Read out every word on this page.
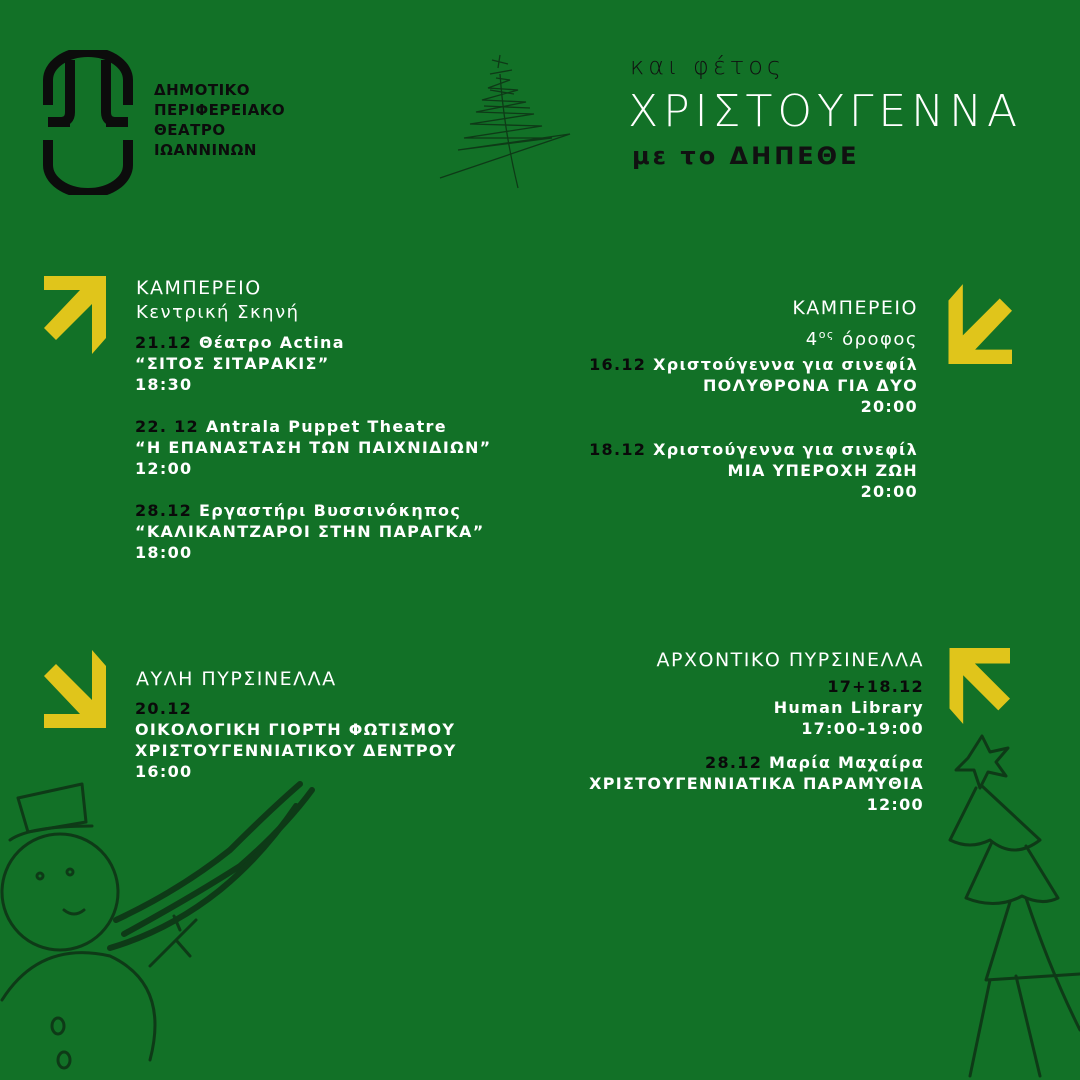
ΔΗΜΟΤΙΚΟ
ΠΕΡΙΦΕΡΕΙΑΚΟ
ΘΕΑΤΡΟ
ΙΩΑΝΝΙΝΩΝ
και φέτος
ΧΡΙΣΤΟΥΓΕΝΝΑ
με το ΔΗΠΕΘΕ
ΚΑΜΠΕΡΕΙΟ
Κεντρική Σκηνή
21.12 Θέατρο Actina
“ΣΙΤΟΣ ΣΙΤΑΡΑΚΙΣ”
18:30
22. 12 Antrala Puppet Theatre
“Η ΕΠΑΝΑΣΤΑΣΗ ΤΩΝ ΠΑΙΧΝΙΔΙΩΝ”
12:00
28.12 Εργαστήρι Βυσσινόκηπος
“ΚΑΛΙΚΑΝΤΖΑΡΟΙ ΣΤΗΝ ΠΑΡΑΓΚΑ”
18:00
ΚΑΜΠΕΡΕΙΟ
$4^{o\varsigma}$ όροφος
16.12 Χριστούγεννα για σινεφίλ
ΠΟΛΥΘΡΟΝΑ ΓΙΑ ΔΥΟ
20:00
18.12 Χριστούγεννα για σινεφίλ
ΜΙΑ ΥΠΕΡΟΧΗ ΖΩΗ
20:00
ΑΥΛΗ ΠΥΡΣΙΝΕΛΛΑ
20.12
ΟΙΚΟΛΟΓΙΚΗ ΓΙΟΡΤΗ ΦΩΤΙΣΜΟΥ
ΧΡΙΣΤΟΥΓΕΝΝΙΑΤΙΚΟΥ ΔΕΝΤΡΟΥ
16:00
ΑΡΧΟΝΤΙΚΟ ΠΥΡΣΙΝΕΛΛΑ
17+18.12
Human Library
17:00-19:00
28.12 Μαρία Μαχαίρα
ΧΡΙΣΤΟΥΓΕΝΝΙΑΤΙΚΑ ΠΑΡΑΜΥΘΙΑ
12:00
